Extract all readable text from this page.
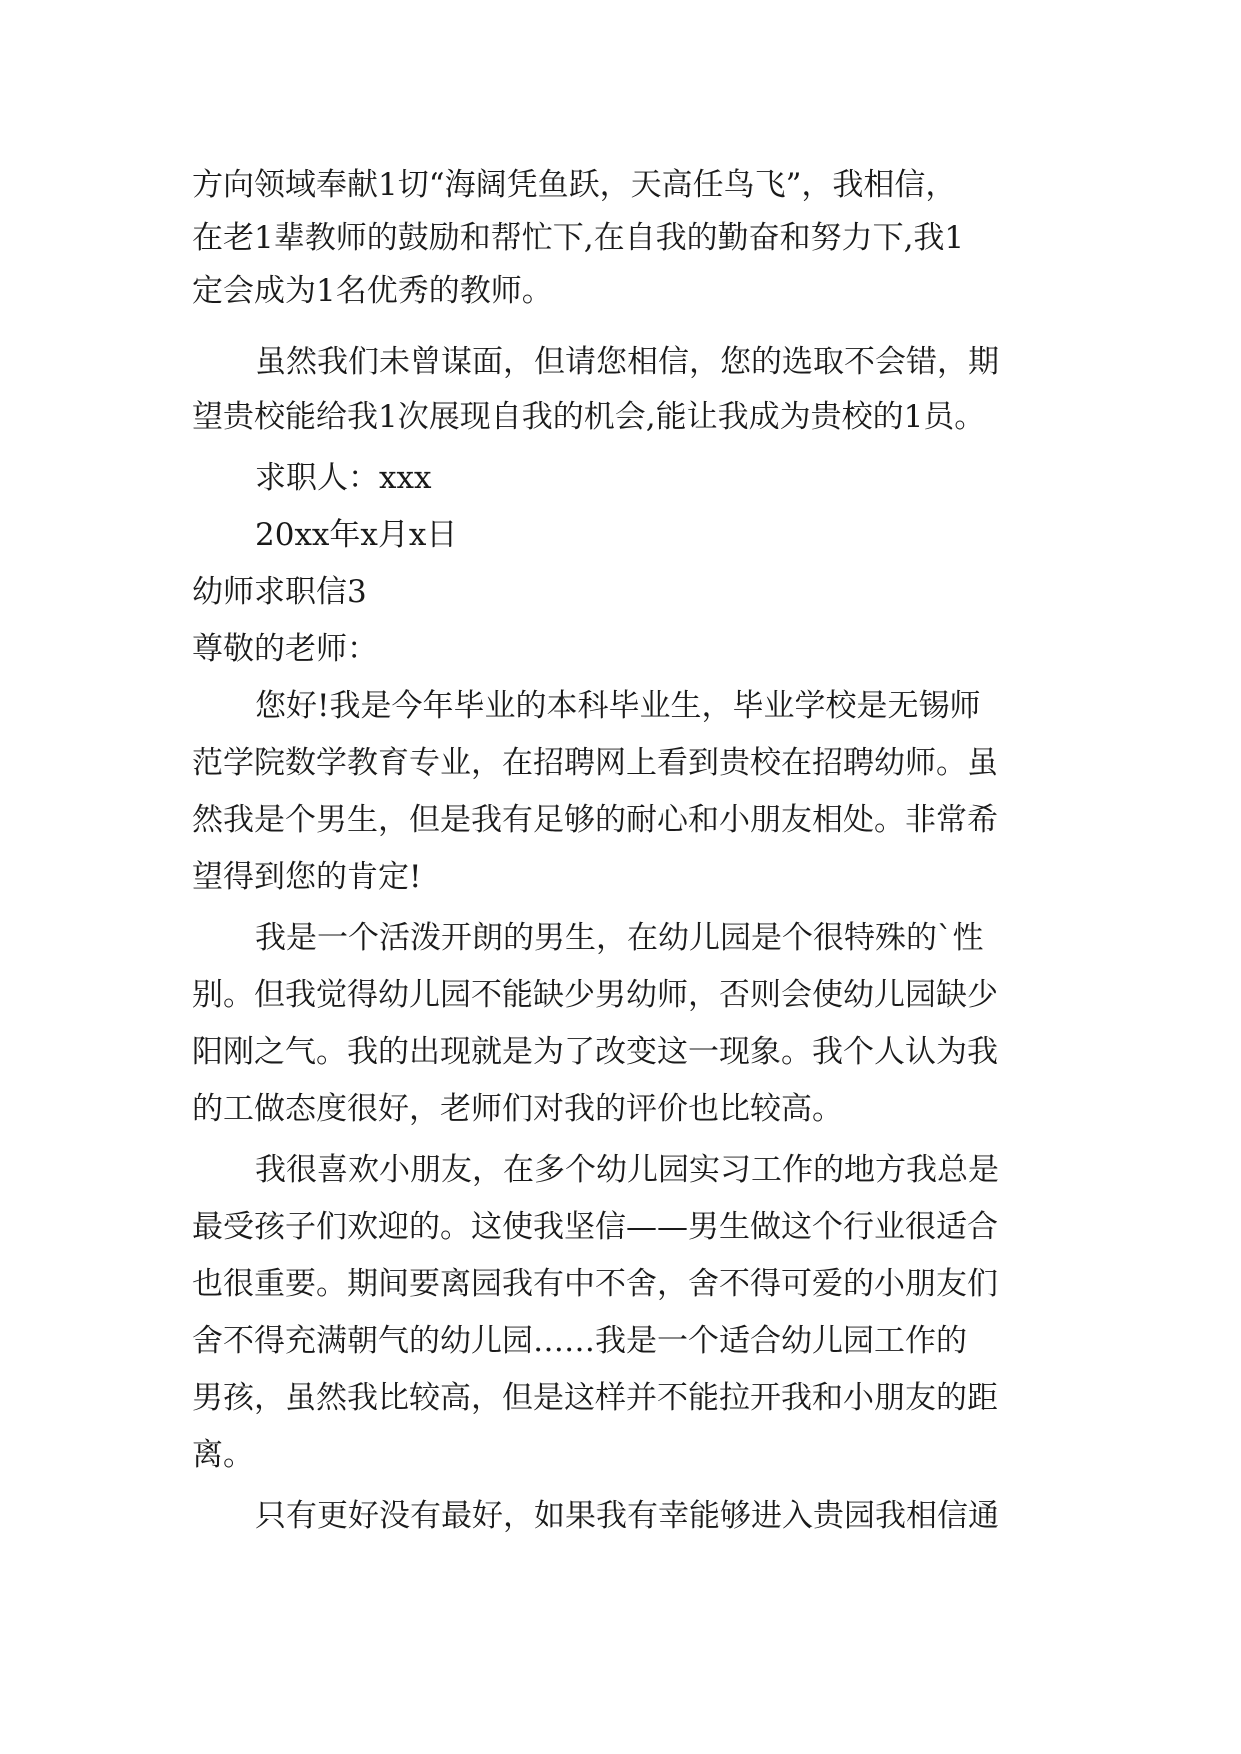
方向领域奉献1切“海阔凭鱼跃，天高任鸟飞”，我相信，
在老1辈教师的鼓励和帮忙下,在自我的勤奋和努力下,我1
定会成为1名优秀的教师。
虽然我们未曾谋面，但请您相信，您的选取不会错，期
望贵校能给我1次展现自我的机会,能让我成为贵校的1员。
求职人：xxx
20xx年x月x日
幼师求职信3
尊敬的老师：
您好!我是今年毕业的本科毕业生，毕业学校是无锡师
范学院数学教育专业，在招聘网上看到贵校在招聘幼师。虽
然我是个男生，但是我有足够的耐心和小朋友相处。非常希
望得到您的肯定!
我是一个活泼开朗的男生，在幼儿园是个很特殊的`性
别。但我觉得幼儿园不能缺少男幼师，否则会使幼儿园缺少
阳刚之气。我的出现就是为了改变这一现象。我个人认为我
的工做态度很好，老师们对我的评价也比较高。
我很喜欢小朋友，在多个幼儿园实习工作的地方我总是
最受孩子们欢迎的。这使我坚信——男生做这个行业很适合
也很重要。期间要离园我有中不舍，舍不得可爱的小朋友们
舍不得充满朝气的幼儿园……我是一个适合幼儿园工作的
男孩，虽然我比较高，但是这样并不能拉开我和小朋友的距
离。
只有更好没有最好，如果我有幸能够进入贵园我相信通
